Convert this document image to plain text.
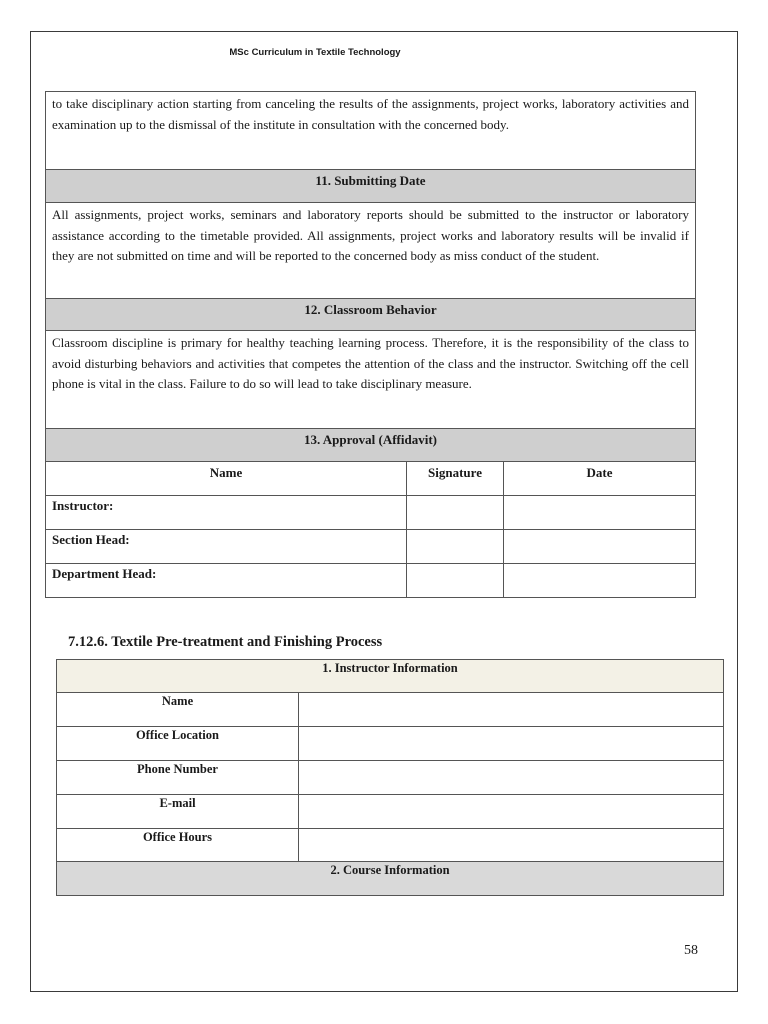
MSc Curriculum in Textile Technology
to take disciplinary action starting from canceling the results of the assignments, project works, laboratory activities and examination up to the dismissal of the institute in consultation with the concerned body.		
11. Submitting Date		
All assignments, project works, seminars and laboratory reports should be submitted to the instructor or laboratory assistance according to the timetable provided. All assignments, project works and laboratory results will be invalid if they are not submitted on time and will be reported to the concerned body as miss conduct of the student.		
12. Classroom Behavior		
Classroom discipline is primary for healthy teaching learning process. Therefore, it is the responsibility of the class to avoid disturbing behaviors and activities that competes the attention of the class and the instructor. Switching off the cell phone is vital in the class. Failure to do so will lead to take disciplinary measure.		
13. Approval (Affidavit)		
Name	Signature	Date
Instructor:		
Section Head:		
Department Head:		
7.12.6. Textile Pre-treatment and Finishing Process
1. Instructor Information	
Name	
Office Location	
Phone Number	
E-mail	
Office Hours	
2. Course Information	
58
